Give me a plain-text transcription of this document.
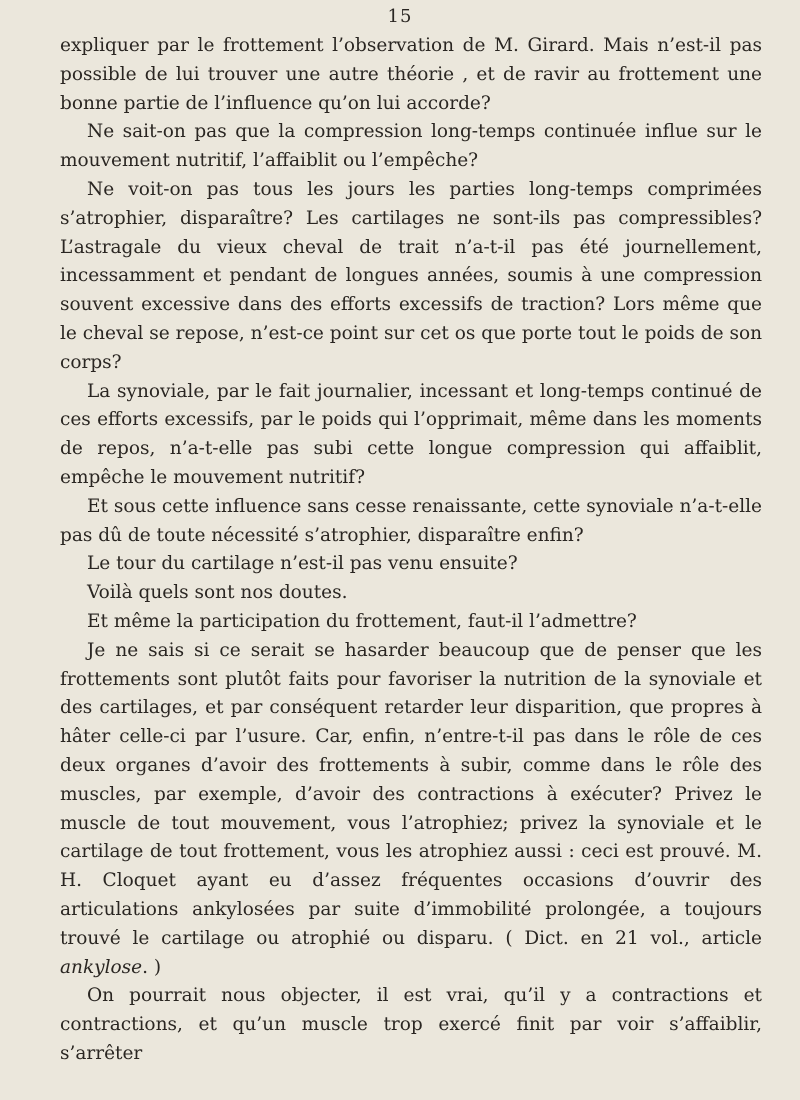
15

expliquer par le frottement l’observation de M. Girard. Mais n’est-il pas possible de lui trouver une autre théorie , et de ravir au frottement une bonne partie de l’influence qu’on lui accorde?

Ne sait-on pas que la compression long-temps continuée influe sur le mouvement nutritif, l’affaiblit ou l’empêche?

Ne voit-on pas tous les jours les parties long-temps comprimées s’atrophier, disparaître? Les cartilages ne sont-ils pas compressibles? L’astragale du vieux cheval de trait n’a-t-il pas été journellement, incessamment et pendant de longues années, soumis à une compression souvent excessive dans des efforts excessifs de traction? Lors même que le cheval se repose, n’est-ce point sur cet os que porte tout le poids de son corps?

La synoviale, par le fait journalier, incessant et long-temps continué de ces efforts excessifs, par le poids qui l’opprimait, même dans les moments de repos, n’a-t-elle pas subi cette longue compression qui affaiblit, empêche le mouvement nutritif?

Et sous cette influence sans cesse renaissante, cette synoviale n’a-t-elle pas dû de toute nécessité s’atrophier, disparaître enfin?

Le tour du cartilage n’est-il pas venu ensuite?

Voilà quels sont nos doutes.

Et même la participation du frottement, faut-il l’admettre?

Je ne sais si ce serait se hasarder beaucoup que de penser que les frottements sont plutôt faits pour favoriser la nutrition de la synoviale et des cartilages, et par conséquent retarder leur disparition, que propres à hâter celle-ci par l’usure. Car, enfin, n’entre-t-il pas dans le rôle de ces deux organes d’avoir des frottements à subir, comme dans le rôle des muscles, par exemple, d’avoir des contractions à exécuter? Privez le muscle de tout mouvement, vous l’atrophiez; privez la synoviale et le cartilage de tout frottement, vous les atrophiez aussi : ceci est prouvé. M. H. Cloquet ayant eu d’assez fréquentes occasions d’ouvrir des articulations ankylosées par suite d’immobilité prolongée, a toujours trouvé le cartilage ou atrophié ou disparu. ( Dict. en 21 vol., article ankylose. )

On pourrait nous objecter, il est vrai, qu’il y a contractions et contractions, et qu’un muscle trop exercé finit par voir s’affaiblir, s’arrêter
